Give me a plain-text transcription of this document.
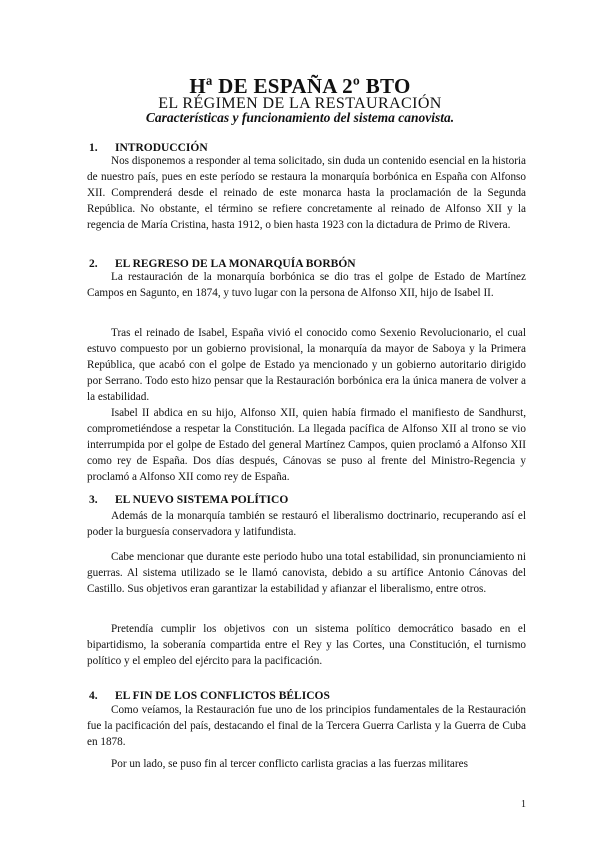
Hª DE ESPAÑA 2º BTO
EL RÉGIMEN DE LA RESTAURACIÓN
Características y funcionamiento del sistema canovista.
1.	INTRODUCCIÓN

Nos disponemos a responder al tema solicitado, sin duda un contenido esencial en la historia de nuestro país, pues en este período se restaura la monarquía borbónica en España con Alfonso XII. Comprenderá desde el reinado de este monarca hasta la proclamación de la Segunda República. No obstante, el término se refiere concretamente al reinado de Alfonso XII y la regencia de María Cristina, hasta 1912, o bien hasta 1923 con la dictadura de Primo de Rivera.

2.	EL REGRESO DE LA MONARQUÍA BORBÓN

La restauración de la monarquía borbónica se dio tras el golpe de Estado de Martínez Campos en Sagunto, en 1874, y tuvo lugar con la persona de Alfonso XII, hijo de Isabel II.

Tras el reinado de Isabel, España vivió el conocido como Sexenio Revolucionario, el cual estuvo compuesto por un gobierno provisional, la monarquía da mayor de Saboya y la Primera República, que acabó con el golpe de Estado ya mencionado y un gobierno autoritario dirigido por Serrano. Todo esto hizo pensar que la Restauración borbónica era la única manera de volver a la estabilidad.

Isabel II abdica en su hijo, Alfonso XII, quien había firmado el manifiesto de Sandhurst, comprometiéndose a respetar la Constitución. La llegada pacífica de Alfonso XII al trono se vio interrumpida por el golpe de Estado del general Martínez Campos, quien proclamó a Alfonso XII como rey de España. Dos días después, Cánovas se puso al frente del Ministro-Regencia y proclamó a Alfonso XII como rey de España.

3.	EL NUEVO SISTEMA POLÍTICO

Además de la monarquía también se restauró el liberalismo doctrinario, recuperando así el poder la burguesía conservadora y latifundista.

Cabe mencionar que durante este periodo hubo una total estabilidad, sin pronunciamiento ni guerras. Al sistema utilizado se le llamó canovista, debido a su artífice Antonio Cánovas del Castillo. Sus objetivos eran garantizar la estabilidad y afianzar el liberalismo, entre otros.

Pretendía cumplir los objetivos con un sistema político democrático basado en el bipartidismo, la soberanía compartida entre el Rey y las Cortes, una Constitución, el turnismo político y el empleo del ejército para la pacificación.

4.	EL FIN DE LOS CONFLICTOS BÉLICOS

Como veíamos, la Restauración fue uno de los principios fundamentales de la Restauración fue la pacificación del país, destacando el final de la Tercera Guerra Carlista y la Guerra de Cuba en 1878.

Por un lado, se puso fin al tercer conflicto carlista gracias a las fuerzas militares

1
